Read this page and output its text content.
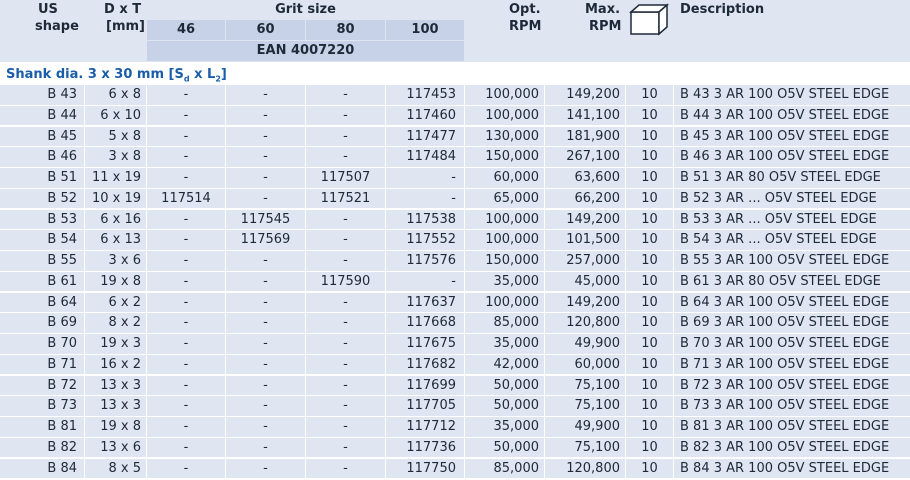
US
shape
D x T
[mm]
Grit size
46	60	80	100
EAN 4007220
Opt.
RPM
Max.
RPM
Description
Shank dia. 3 x 30 mm [$S_d$ x $L_2$]
B 43	6 x 8	-	-	-	117453	100,000	149,200	10	B 43 3 AR 100 O5V STEEL EDGE
B 44	6 x 10	-	-	-	117460	100,000	141,100	10	B 44 3 AR 100 O5V STEEL EDGE
B 45	5 x 8	-	-	-	117477	130,000	181,900	10	B 45 3 AR 100 O5V STEEL EDGE
B 46	3 x 8	-	-	-	117484	150,000	267,100	10	B 46 3 AR 100 O5V STEEL EDGE
B 51	11 x 19	-	-	117507	-	60,000	63,600	10	B 51 3 AR 80 O5V STEEL EDGE
B 52	10 x 19	117514	-	117521	-	65,000	66,200	10	B 52 3 AR ... O5V STEEL EDGE
B 53	6 x 16	-	117545	-	117538	100,000	149,200	10	B 53 3 AR ... O5V STEEL EDGE
B 54	6 x 13	-	117569	-	117552	100,000	101,500	10	B 54 3 AR ... O5V STEEL EDGE
B 55	3 x 6	-	-	-	117576	150,000	257,000	10	B 55 3 AR 100 O5V STEEL EDGE
B 61	19 x 8	-	-	117590	-	35,000	45,000	10	B 61 3 AR 80 O5V STEEL EDGE
B 64	6 x 2	-	-	-	117637	100,000	149,200	10	B 64 3 AR 100 O5V STEEL EDGE
B 69	8 x 2	-	-	-	117668	85,000	120,800	10	B 69 3 AR 100 O5V STEEL EDGE
B 70	19 x 3	-	-	-	117675	35,000	49,900	10	B 70 3 AR 100 O5V STEEL EDGE
B 71	16 x 2	-	-	-	117682	42,000	60,000	10	B 71 3 AR 100 O5V STEEL EDGE
B 72	13 x 3	-	-	-	117699	50,000	75,100	10	B 72 3 AR 100 O5V STEEL EDGE
B 73	13 x 3	-	-	-	117705	50,000	75,100	10	B 73 3 AR 100 O5V STEEL EDGE
B 81	19 x 8	-	-	-	117712	35,000	49,900	10	B 81 3 AR 100 O5V STEEL EDGE
B 82	13 x 6	-	-	-	117736	50,000	75,100	10	B 82 3 AR 100 O5V STEEL EDGE
B 84	8 x 5	-	-	-	117750	85,000	120,800	10	B 84 3 AR 100 O5V STEEL EDGE
